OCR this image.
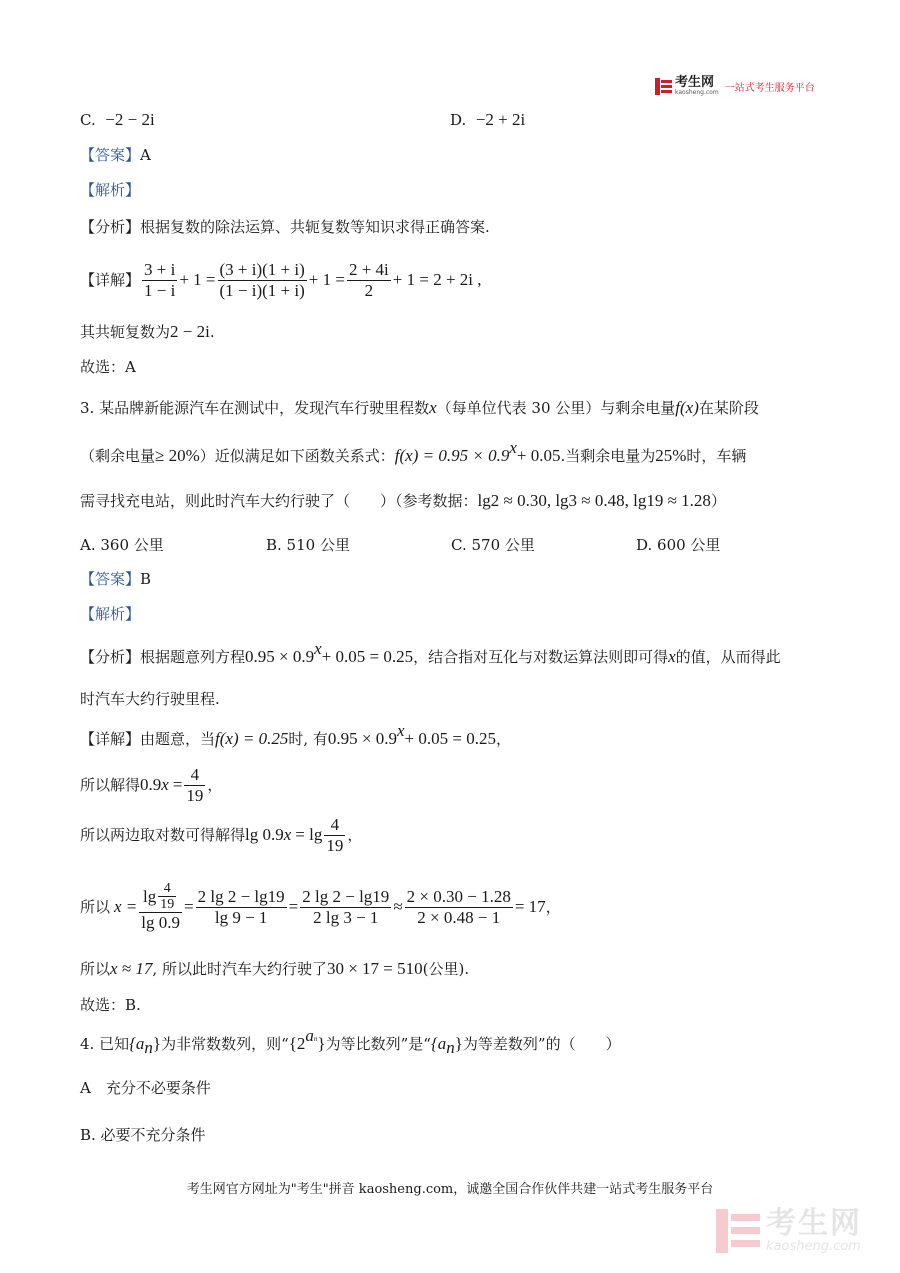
考生网
kaosheng.com 一站式考生服务平台
C. −2 − 2i	D. −2 + 2i
【答案】A
【解析】
【分析】根据复数的除法运算、共轭复数等知识求得正确答案.
【详解】 $\frac{3 + i}{1 - i} + 1 = \frac{(3 + i)(1 + i)}{(1 - i)(1 + i)} + 1 = \frac{2 + 4i}{2} + 1 = 2 + 2i$ ,
其共轭复数为2 − 2i.
故选：A
3. 某品牌新能源汽车在测试中，发现汽车行驶里程数x（每单位代表 30 公里）与剩余电量f(x)在某阶段
（剩余电量≥ 20%）近似满足如下函数关系式：$f(x) = 0.95 \times 0.9^x+ 0.05$.当剩余电量为25%时，车辆
需寻找充电站，则此时汽车大约行驶了（　　）（参考数据：lg2 ≈ 0.30, lg3 ≈ 0.48, lg19 ≈ 1.28）
A. 360 公里	B. 510 公里	C. 570 公里	D. 600 公里
【答案】B
【解析】
【分析】根据题意列方程$0.95 \times 0.9^x+ 0.05 = 0.25$，结合指对互化与对数运算法则即可得x的值，从而得此
时汽车大约行驶里程.
【详解】由题意，当f(x) = 0.25时, 有$0.95 \times 0.9^x+ 0.05 = 0.25$，
所以解得 0.9 $x = \frac{4}{19}$ ，
所以两边取对数可得解得 lg 0.9 $x = \lg \frac{4}{19}$ ，
所以 $x = \frac{\lg \frac{4}{19}}{\lg 0.9} = \frac{2 \lg 2 - \lg 19}{\lg 9 - 1} = \frac{2 \lg 2 - \lg 19}{2 \lg 3 - 1} \approx \frac{2 \times 0.30 - 1.28}{2 \times 0.48 - 1} = 17$ ，
所以x ≈ 17, 所以此时汽车大约行驶了30 × 17 = 510(公里).
故选：B.
4. 已知$\{a_n\}$为非常数数列，则“$\{2^{an}\}$为等比数列”是“$\{a_n\}$为等差数列”的（　　）
A　充分不必要条件
B. 必要不充分条件
考生网官方网址为"考生"拼音 kaosheng.com，诚邀全国合作伙伴共建一站式考生服务平台
考生网
kaosheng.com
